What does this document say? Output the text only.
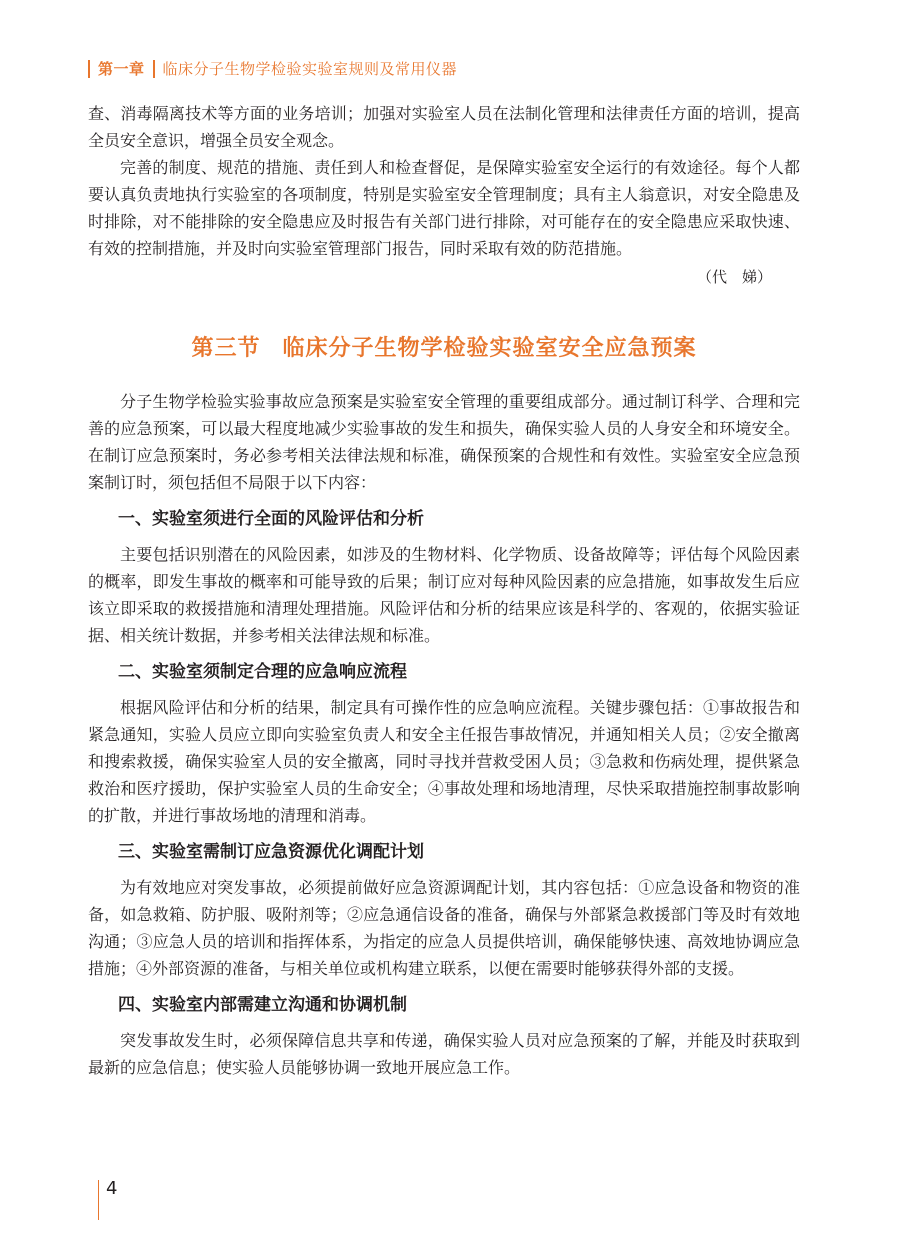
第一章 临床分子生物学检验实验室规则及常用仪器

查、消毒隔离技术等方面的业务培训；加强对实验室人员在法制化管理和法律责任方面的培训，提高全员安全意识，增强全员安全观念。

完善的制度、规范的措施、责任到人和检查督促，是保障实验室安全运行的有效途径。每个人都要认真负责地执行实验室的各项制度，特别是实验室安全管理制度；具有主人翁意识，对安全隐患及时排除，对不能排除的安全隐患应及时报告有关部门进行排除，对可能存在的安全隐患应采取快速、有效的控制措施，并及时向实验室管理部门报告，同时采取有效的防范措施。

（代　娣）
第三节 临床分子生物学检验实验室安全应急预案

分子生物学检验实验事故应急预案是实验室安全管理的重要组成部分。通过制订科学、合理和完善的应急预案，可以最大程度地减少实验事故的发生和损失，确保实验人员的人身安全和环境安全。在制订应急预案时，务必参考相关法律法规和标准，确保预案的合规性和有效性。实验室安全应急预案制订时，须包括但不局限于以下内容：

一、实验室须进行全面的风险评估和分析

主要包括识别潜在的风险因素，如涉及的生物材料、化学物质、设备故障等；评估每个风险因素的概率，即发生事故的概率和可能导致的后果；制订应对每种风险因素的应急措施，如事故发生后应该立即采取的救援措施和清理处理措施。风险评估和分析的结果应该是科学的、客观的，依据实验证据、相关统计数据，并参考相关法律法规和标准。

二、实验室须制定合理的应急响应流程

根据风险评估和分析的结果，制定具有可操作性的应急响应流程。关键步骤包括：①事故报告和紧急通知，实验人员应立即向实验室负责人和安全主任报告事故情况，并通知相关人员；②安全撤离和搜索救援，确保实验室人员的安全撤离，同时寻找并营救受困人员；③急救和伤病处理，提供紧急救治和医疗援助，保护实验室人员的生命安全；④事故处理和场地清理，尽快采取措施控制事故影响的扩散，并进行事故场地的清理和消毒。

三、实验室需制订应急资源优化调配计划

为有效地应对突发事故，必须提前做好应急资源调配计划，其内容包括：①应急设备和物资的准备，如急救箱、防护服、吸附剂等；②应急通信设备的准备，确保与外部紧急救援部门等及时有效地沟通；③应急人员的培训和指挥体系，为指定的应急人员提供培训，确保能够快速、高效地协调应急措施；④外部资源的准备，与相关单位或机构建立联系，以便在需要时能够获得外部的支援。

四、实验室内部需建立沟通和协调机制

突发事故发生时，必须保障信息共享和传递，确保实验人员对应急预案的了解，并能及时获取到最新的应急信息；使实验人员能够协调一致地开展应急工作。

4
